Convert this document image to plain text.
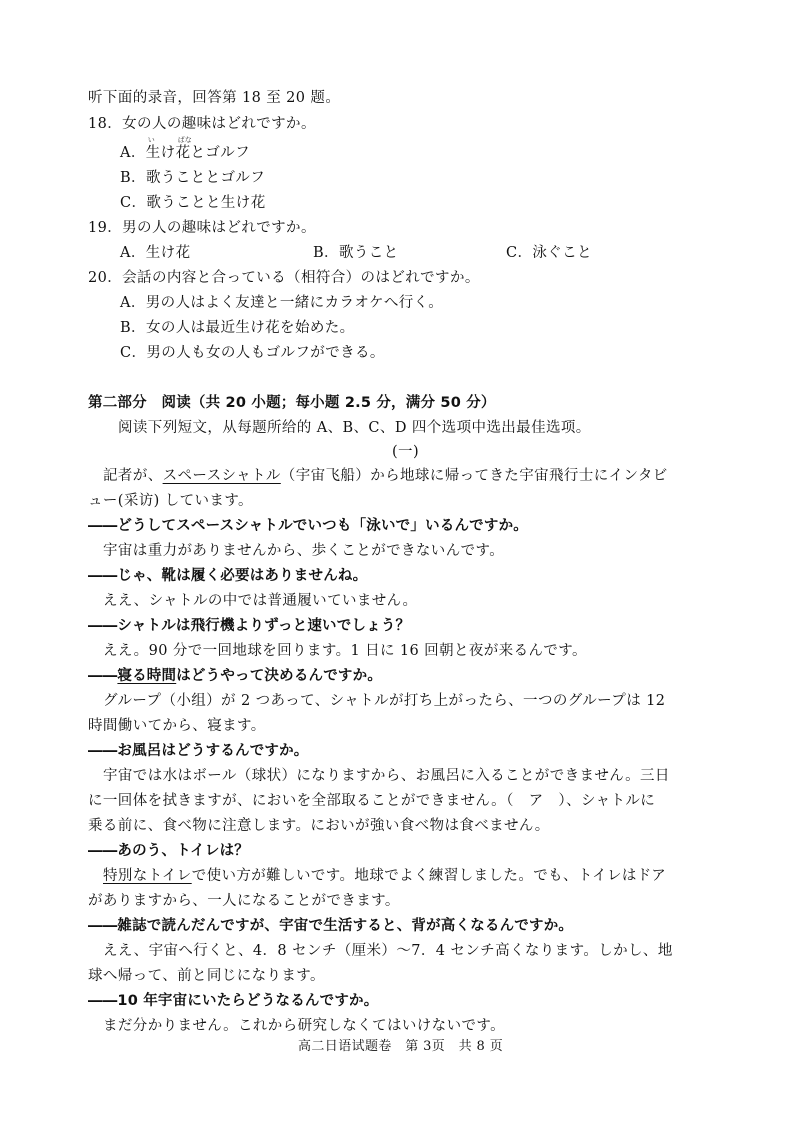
听下面的录音，回答第 18 至 20 题。
18．女の人の趣味はどれですか。
A．
い	ばな
生け花とゴルフ
B．歌うこととゴルフ
C．歌うことと生け花
19．男の人の趣味はどれですか。
A．生け花	B．歌うこと	C．泳ぐこと
20．会話の内容と合っている（相符合）のはどれですか。
A．男の人はよく友達と一緒にカラオケへ行く。
B．女の人は最近生け花を始めた。
C．男の人も女の人もゴルフができる。
第二部分　阅读（共 20 小题；每小题 2.5 分，满分 50 分）
阅读下列短文，从每题所给的 A、B、C、D 四个选项中选出最佳选项。
(一)
記者が、スペースシャトル（宇宙飞船）から地球に帰ってきた宇宙飛行士にインタビ
ュー(采访) しています。
――どうしてスペースシャトルでいつも「泳いで」いるんですか。
宇宙は重力がありませんから、歩くことができないんです。
――じゃ、靴は履く必要はありませんね。
ええ、シャトルの中では普通履いていません。
――シャトルは飛行機よりずっと速いでしょう？
ええ。90 分で一回地球を回ります。1 日に 16 回朝と夜が来るんです。
――寝る時間はどうやって決めるんですか。
グループ（小组）が 2 つあって、シャトルが打ち上がったら、一つのグループは 12
時間働いてから、寝ます。
――お風呂はどうするんですか。
宇宙では水はボール（球状）になりますから、お風呂に入ることができません。三日
に一回体を拭きますが、においを全部取ることができません。（　ア　）、シャトルに
乗る前に、食べ物に注意します。においが強い食べ物は食べません。
――あのう、トイレは？
特別なトイレで使い方が難しいです。地球でよく練習しました。でも、トイレはドア
がありますから、一人になることができます。
――雑誌で読んだんですが、宇宙で生活すると、背が高くなるんですか。
ええ、宇宙へ行くと、4．8 センチ（厘米）～7．4 センチ高くなります。しかし、地
球へ帰って、前と同じになります。
――10 年宇宙にいたらどうなるんですか。
まだ分かりません。これから研究しなくてはいけないです。
高二日语试题卷　第 3页　共 8 页
